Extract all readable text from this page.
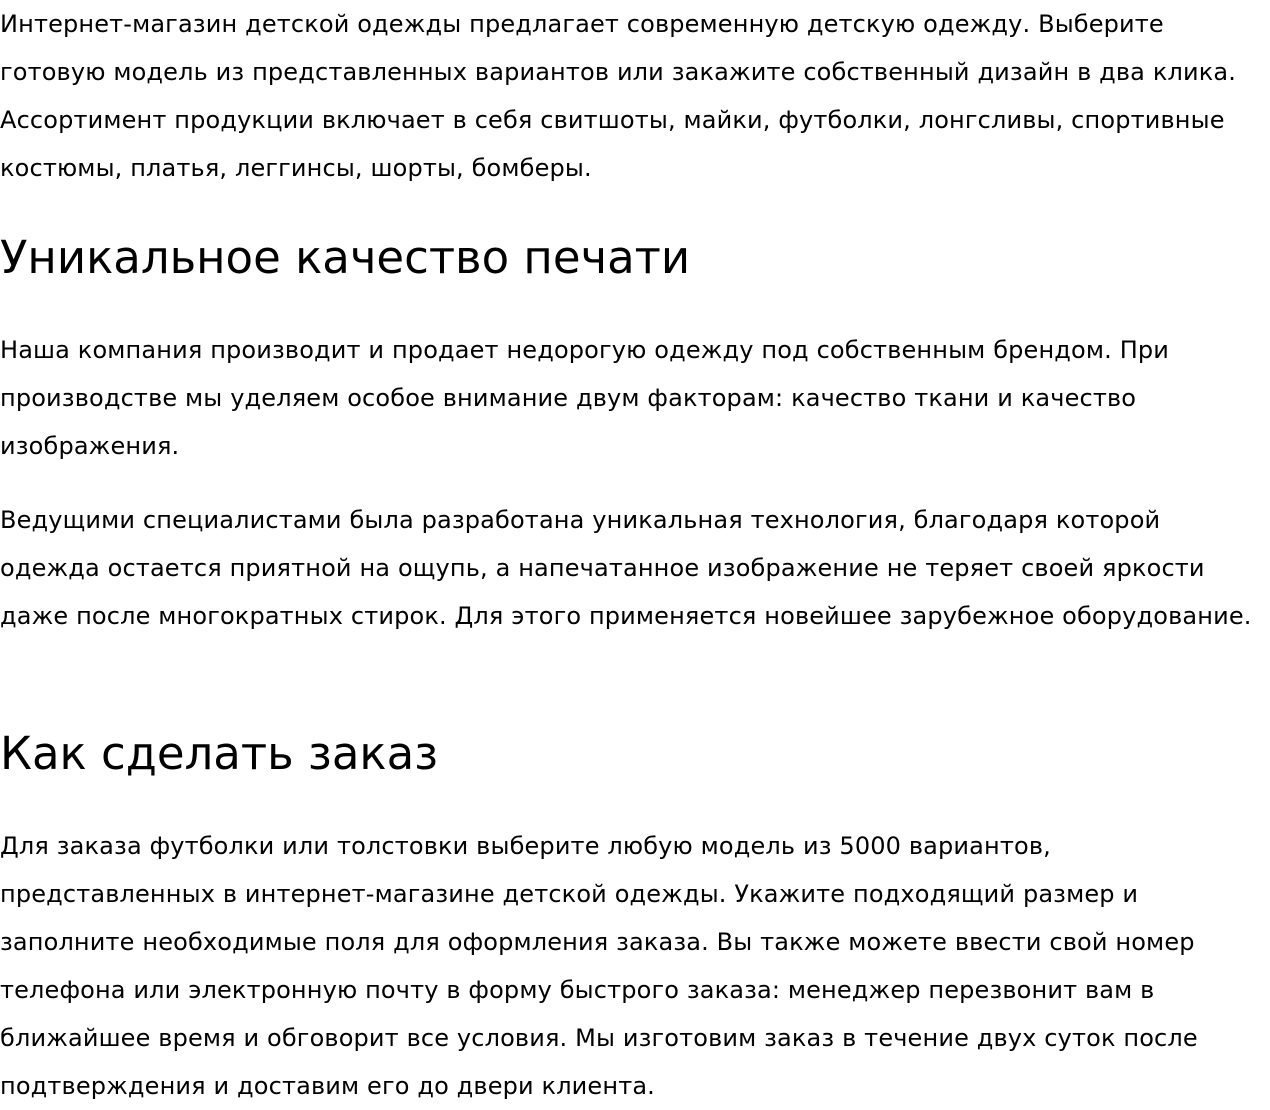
Интернет-магазин детской одежды предлагает современную детскую одежду. Выберите готовую модель из представленных вариантов или закажите собственный дизайн в два клика. Ассортимент продукции включает в себя свитшоты, майки, футболки, лонгсливы, спортивные костюмы, платья, леггинсы, шорты, бомберы.

Уникальное качество печати

Наша компания производит и продает недорогую одежду под собственным брендом. При производстве мы уделяем особое внимание двум факторам: качество ткани и качество изображения.

Ведущими специалистами была разработана уникальная технология, благодаря которой одежда остается приятной на ощупь, а напечатанное изображение не теряет своей яркости даже после многократных стирок. Для этого применяется новейшее зарубежное оборудование.

Как сделать заказ

Для заказа футболки или толстовки выберите любую модель из 5000 вариантов, представленных в интернет-магазине детской одежды. Укажите подходящий размер и заполните необходимые поля для оформления заказа. Вы также можете ввести свой номер телефона или электронную почту в форму быстрого заказа: менеджер перезвонит вам в ближайшее время и обговорит все условия. Мы изготовим заказ в течение двух суток после подтверждения и доставим его до двери клиента.
